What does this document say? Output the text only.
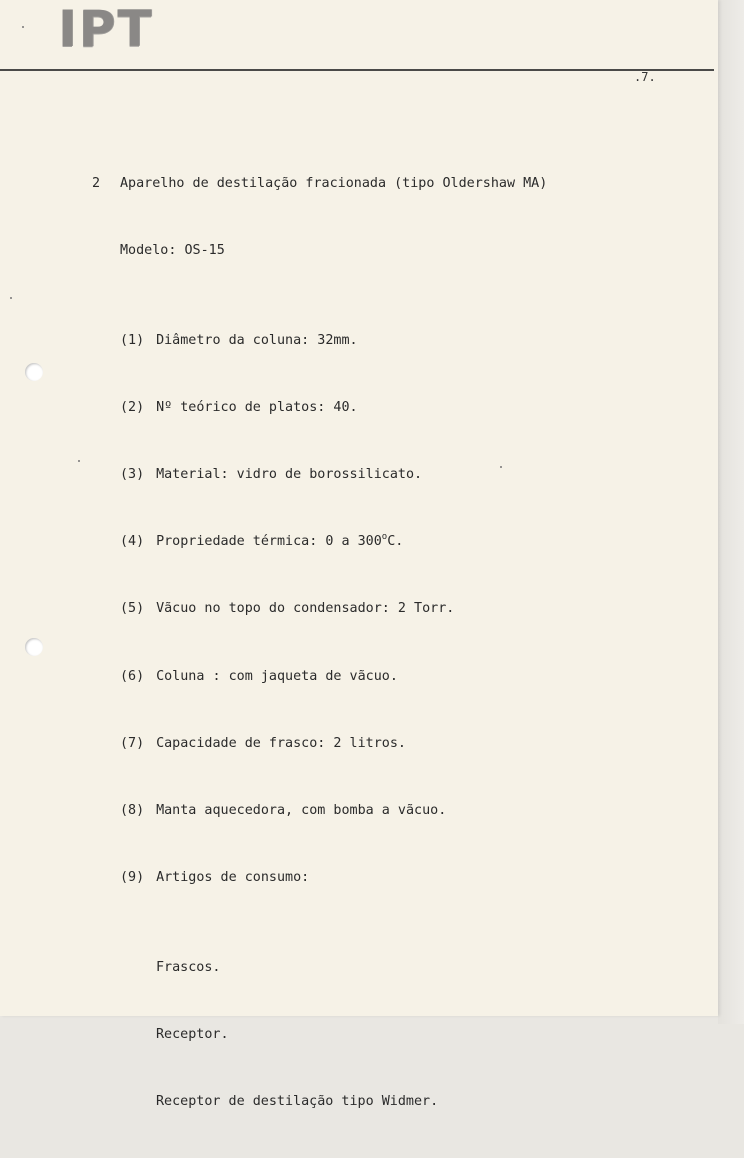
IPT
.7.

2 Aparelho de destilação fracionada (tipo Oldershaw MA)

Modelo: OS-15

(1) Diâmetro da coluna: 32mm.

(2) Nº teórico de platos: 40.

(3) Material: vidro de borossilicato.

(4) Propriedade térmica: 0 a 300$^o$C.

(5) Vãcuo no topo do condensador: 2 Torr.

(6) Coluna : com jaqueta de vãcuo.

(7) Capacidade de frasco: 2 litros.

(8) Manta aquecedora, com bomba a vãcuo.

(9) Artigos de consumo:

Frascos.

Receptor.

Receptor de destilação tipo Widmer.
